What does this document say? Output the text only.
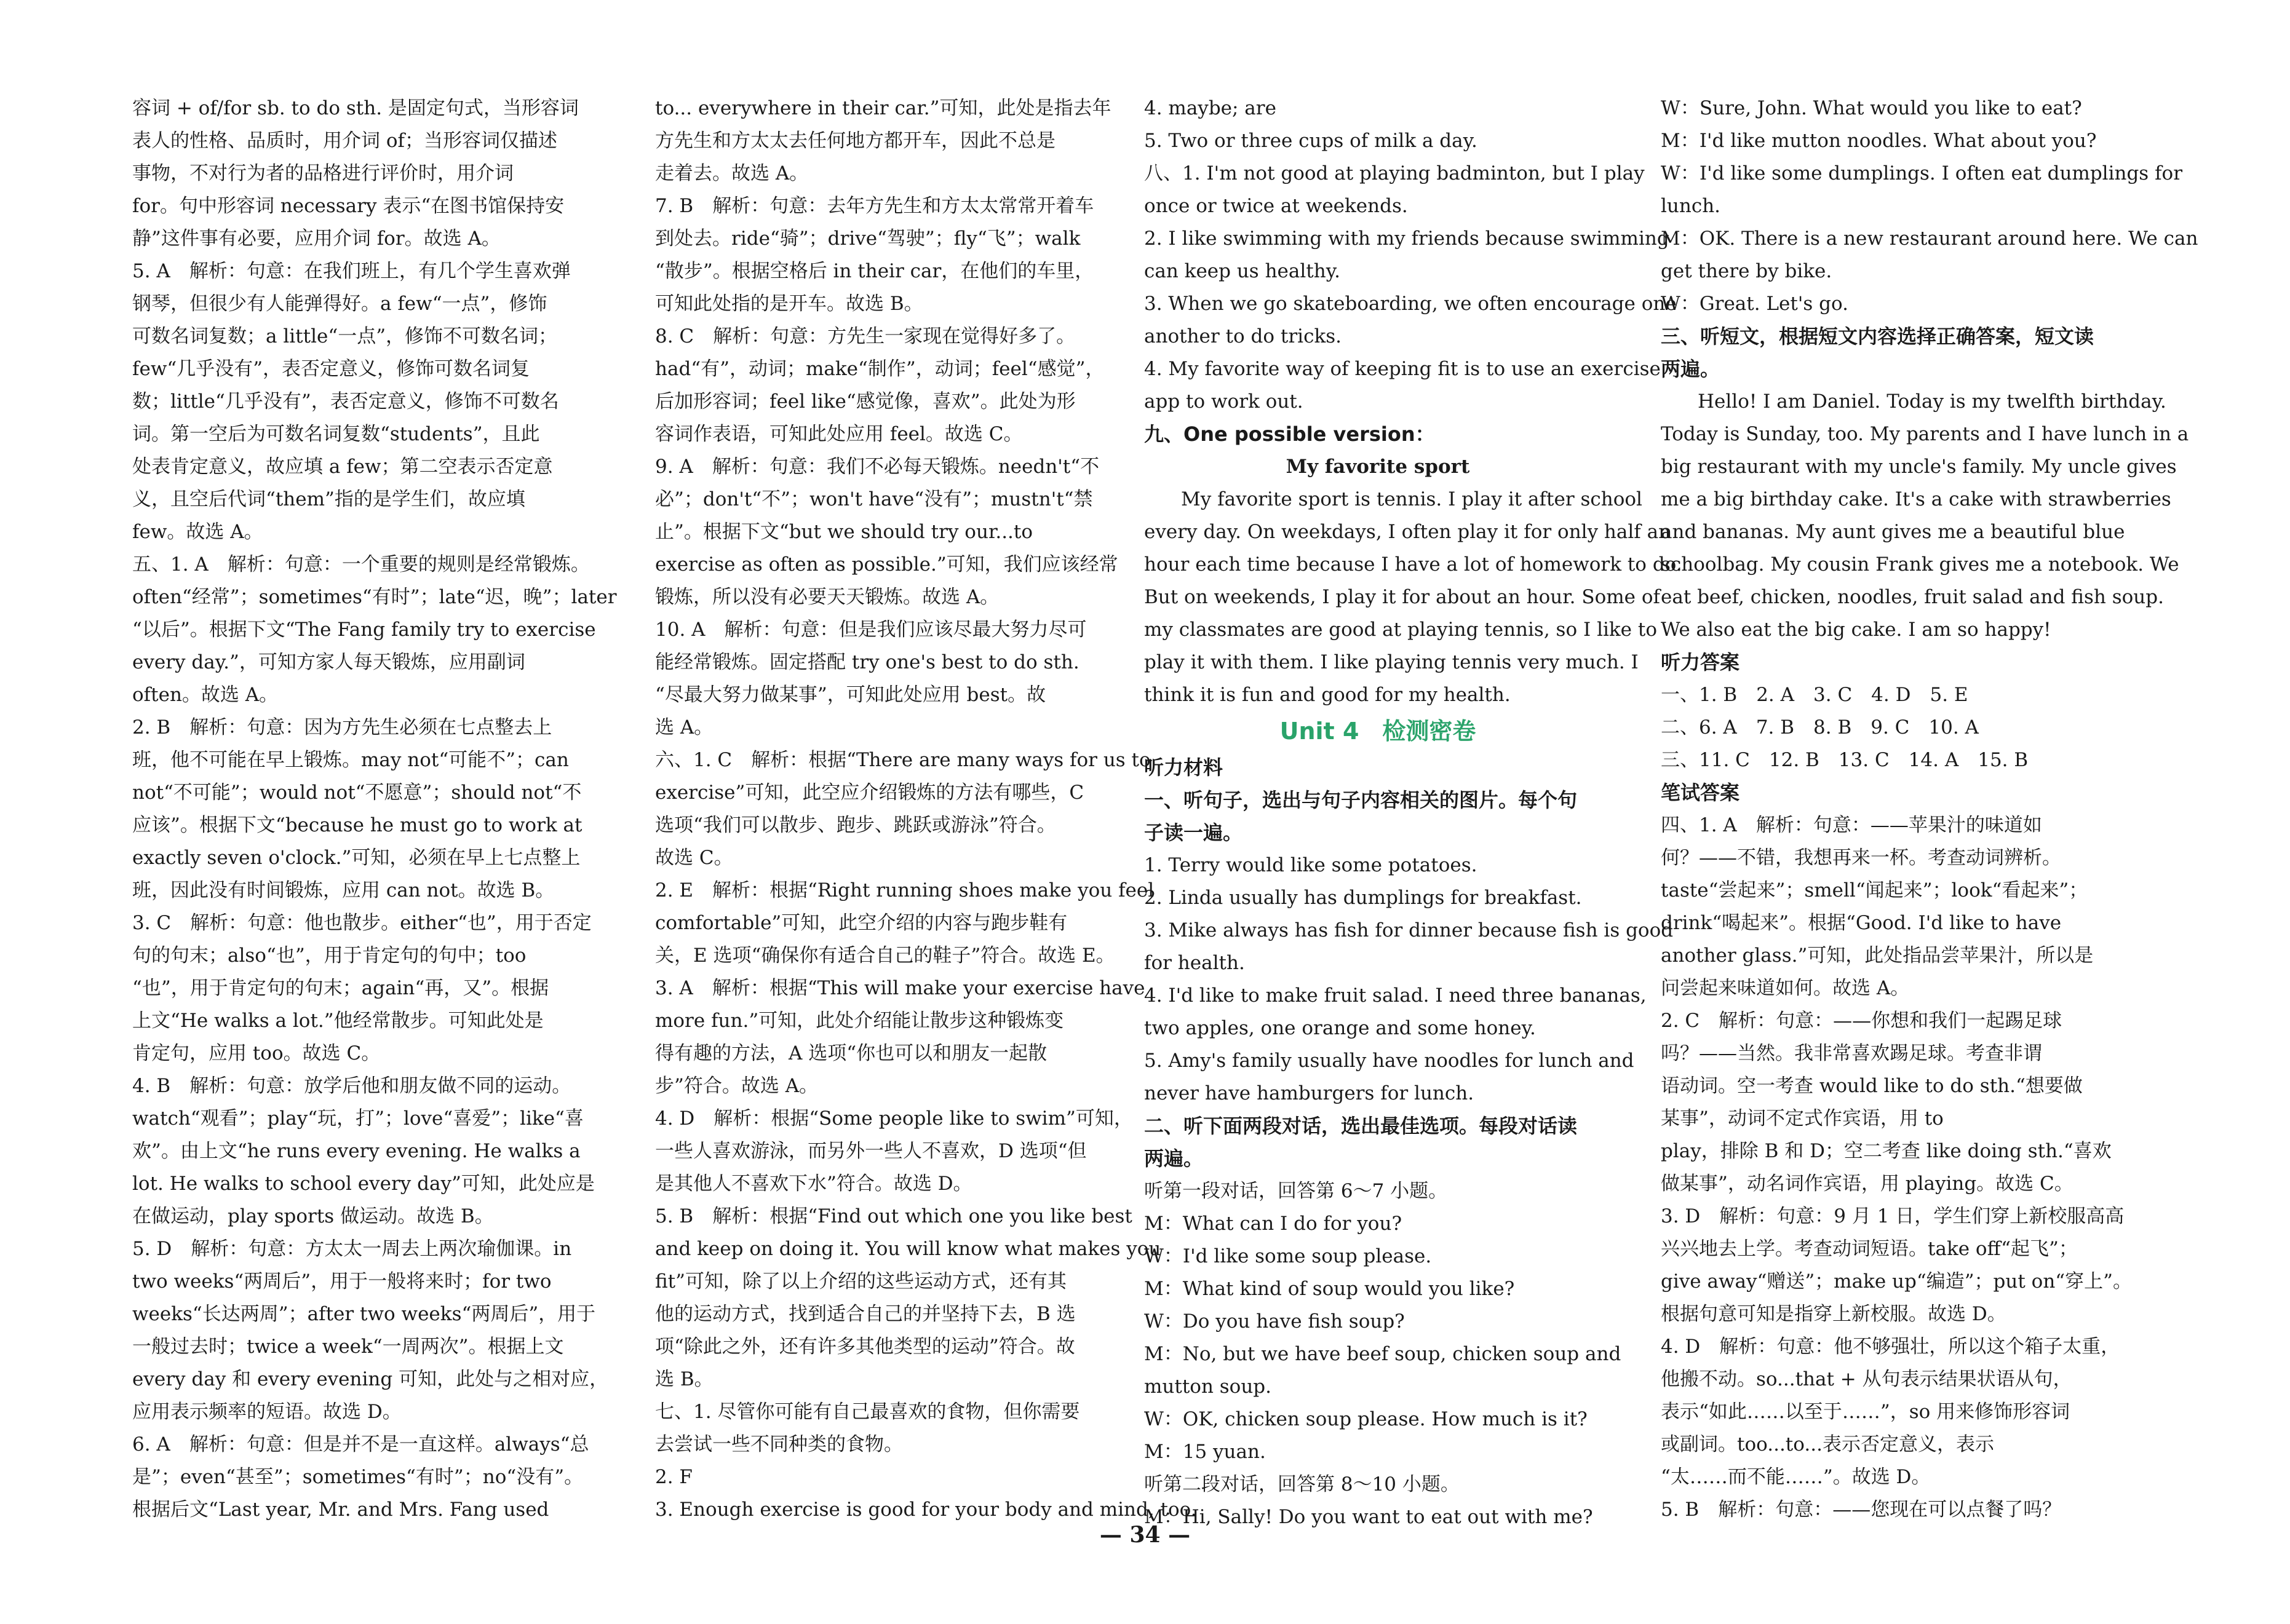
容词 + of/for sb. to do sth. 是固定句式，当形容词
表人的性格、品质时，用介词 of；当形容词仅描述
事物，不对行为者的品格进行评价时，用介词
for。句中形容词 necessary 表示“在图书馆保持安
静”这件事有必要，应用介词 for。故选 A。
5. A　解析：句意：在我们班上，有几个学生喜欢弹
钢琴，但很少有人能弹得好。a few“一点”，修饰
可数名词复数；a little“一点”，修饰不可数名词；
few“几乎没有”，表否定意义，修饰可数名词复
数；little“几乎没有”，表否定意义，修饰不可数名
词。第一空后为可数名词复数“students”，且此
处表肯定意义，故应填 a few；第二空表示否定意
义，且空后代词“them”指的是学生们，故应填
few。故选 A。
五、1. A　解析：句意：一个重要的规则是经常锻炼。
often“经常”；sometimes“有时”；late“迟，晚”；later
“以后”。根据下文“The Fang family try to exercise
every day.”，可知方家人每天锻炼，应用副词
often。故选 A。
2. B　解析：句意：因为方先生必须在七点整去上
班，他不可能在早上锻炼。may not“可能不”；can
not“不可能”；would not“不愿意”；should not“不
应该”。根据下文“because he must go to work at
exactly seven o'clock.”可知，必须在早上七点整上
班，因此没有时间锻炼，应用 can not。故选 B。
3. C　解析：句意：他也散步。either“也”，用于否定
句的句末；also“也”，用于肯定句的句中；too
“也”，用于肯定句的句末；again“再，又”。根据
上文“He walks a lot.”他经常散步。可知此处是
肯定句，应用 too。故选 C。
4. B　解析：句意：放学后他和朋友做不同的运动。
watch“观看”；play“玩，打”；love“喜爱”；like“喜
欢”。由上文“he runs every evening. He walks a
lot. He walks to school every day”可知，此处应是
在做运动，play sports 做运动。故选 B。
5. D　解析：句意：方太太一周去上两次瑜伽课。in
two weeks“两周后”，用于一般将来时；for two
weeks“长达两周”；after two weeks“两周后”，用于
一般过去时；twice a week“一周两次”。根据上文
every day 和 every evening 可知，此处与之相对应，
应用表示频率的短语。故选 D。
6. A　解析：句意：但是并不是一直这样。always“总
是”；even“甚至”；sometimes“有时”；no“没有”。
根据后文“Last year, Mr. and Mrs. Fang used
to... everywhere in their car.”可知，此处是指去年
方先生和方太太去任何地方都开车，因此不总是
走着去。故选 A。
7. B　解析：句意：去年方先生和方太太常常开着车
到处去。ride“骑”；drive“驾驶”；fly“飞”；walk
“散步”。根据空格后 in their car，在他们的车里，
可知此处指的是开车。故选 B。
8. C　解析：句意：方先生一家现在觉得好多了。
had“有”，动词；make“制作”，动词；feel“感觉”，
后加形容词；feel like“感觉像，喜欢”。此处为形
容词作表语，可知此处应用 feel。故选 C。
9. A　解析：句意：我们不必每天锻炼。needn't“不
必”；don't“不”；won't have“没有”；mustn't“禁
止”。根据下文“but we should try our...to
exercise as often as possible.”可知，我们应该经常
锻炼，所以没有必要天天锻炼。故选 A。
10. A　解析：句意：但是我们应该尽最大努力尽可
能经常锻炼。固定搭配 try one's best to do sth.
“尽最大努力做某事”，可知此处应用 best。故
选 A。
六、1. C　解析：根据“There are many ways for us to
exercise”可知，此空应介绍锻炼的方法有哪些，C
选项“我们可以散步、跑步、跳跃或游泳”符合。
故选 C。
2. E　解析：根据“Right running shoes make you feel
comfortable”可知，此空介绍的内容与跑步鞋有
关，E 选项“确保你有适合自己的鞋子”符合。故选 E。
3. A　解析：根据“This will make your exercise have
more fun.”可知，此处介绍能让散步这种锻炼变
得有趣的方法，A 选项“你也可以和朋友一起散
步”符合。故选 A。
4. D　解析：根据“Some people like to swim”可知，
一些人喜欢游泳，而另外一些人不喜欢，D 选项“但
是其他人不喜欢下水”符合。故选 D。
5. B　解析：根据“Find out which one you like best
and keep on doing it. You will know what makes you
fit”可知，除了以上介绍的这些运动方式，还有其
他的运动方式，找到适合自己的并坚持下去，B 选
项“除此之外，还有许多其他类型的运动”符合。故
选 B。
七、1. 尽管你可能有自己最喜欢的食物，但你需要
去尝试一些不同种类的食物。
2. F
3. Enough exercise is good for your body and mind, too.
4. maybe; are
5. Two or three cups of milk a day.
八、1. I'm not good at playing badminton, but I play
once or twice at weekends.
2. I like swimming with my friends because swimming
can keep us healthy.
3. When we go skateboarding, we often encourage one
another to do tricks.
4. My favorite way of keeping fit is to use an exercise
app to work out.
九、One possible version：
My favorite sport
My favorite sport is tennis. I play it after school
every day. On weekdays, I often play it for only half an
hour each time because I have a lot of homework to do.
But on weekends, I play it for about an hour. Some of
my classmates are good at playing tennis, so I like to
play it with them. I like playing tennis very much. I
think it is fun and good for my health.
Unit 4　检测密卷
听力材料
一、听句子，选出与句子内容相关的图片。每个句
子读一遍。
1. Terry would like some potatoes.
2. Linda usually has dumplings for breakfast.
3. Mike always has fish for dinner because fish is good
for health.
4. I'd like to make fruit salad. I need three bananas,
two apples, one orange and some honey.
5. Amy's family usually have noodles for lunch and
never have hamburgers for lunch.
二、听下面两段对话，选出最佳选项。每段对话读
两遍。
听第一段对话，回答第 6～7 小题。
M：What can I do for you?
W：I'd like some soup please.
M：What kind of soup would you like?
W：Do you have fish soup?
M：No, but we have beef soup, chicken soup and
mutton soup.
W：OK, chicken soup please. How much is it?
M：15 yuan.
听第二段对话，回答第 8～10 小题。
M：Hi, Sally! Do you want to eat out with me?
W：Sure, John. What would you like to eat?
M：I'd like mutton noodles. What about you?
W：I'd like some dumplings. I often eat dumplings for
lunch.
M：OK. There is a new restaurant around here. We can
get there by bike.
W：Great. Let's go.
三、听短文，根据短文内容选择正确答案，短文读
两遍。
Hello! I am Daniel. Today is my twelfth birthday.
Today is Sunday, too. My parents and I have lunch in a
big restaurant with my uncle's family. My uncle gives
me a big birthday cake. It's a cake with strawberries
and bananas. My aunt gives me a beautiful blue
schoolbag. My cousin Frank gives me a notebook. We
eat beef, chicken, noodles, fruit salad and fish soup.
We also eat the big cake. I am so happy!
听力答案
一、1. B　2. A　3. C　4. D　5. E
二、6. A　7. B　8. B　9. C　10. A
三、11. C　12. B　13. C　14. A　15. B
笔试答案
四、1. A　解析：句意：——苹果汁的味道如
何？——不错，我想再来一杯。考查动词辨析。
taste“尝起来”；smell“闻起来”；look“看起来”；
drink“喝起来”。根据“Good. I'd like to have
another glass.”可知，此处指品尝苹果汁，所以是
问尝起来味道如何。故选 A。
2. C　解析：句意：——你想和我们一起踢足球
吗？——当然。我非常喜欢踢足球。考查非谓
语动词。空一考查 would like to do sth.“想要做
某事”，动词不定式作宾语，用 to
play，排除 B 和 D；空二考查 like doing sth.“喜欢
做某事”，动名词作宾语，用 playing。故选 C。
3. D　解析：句意：9 月 1 日，学生们穿上新校服高高
兴兴地去上学。考查动词短语。take off“起飞”；
give away“赠送”；make up“编造”；put on“穿上”。
根据句意可知是指穿上新校服。故选 D。
4. D　解析：句意：他不够强壮，所以这个箱子太重，
他搬不动。so...that + 从句表示结果状语从句，
表示“如此……以至于……”，so 用来修饰形容词
或副词。too...to...表示否定意义，表示
“太……而不能……”。故选 D。
5. B　解析：句意：——您现在可以点餐了吗？
— 34 —
